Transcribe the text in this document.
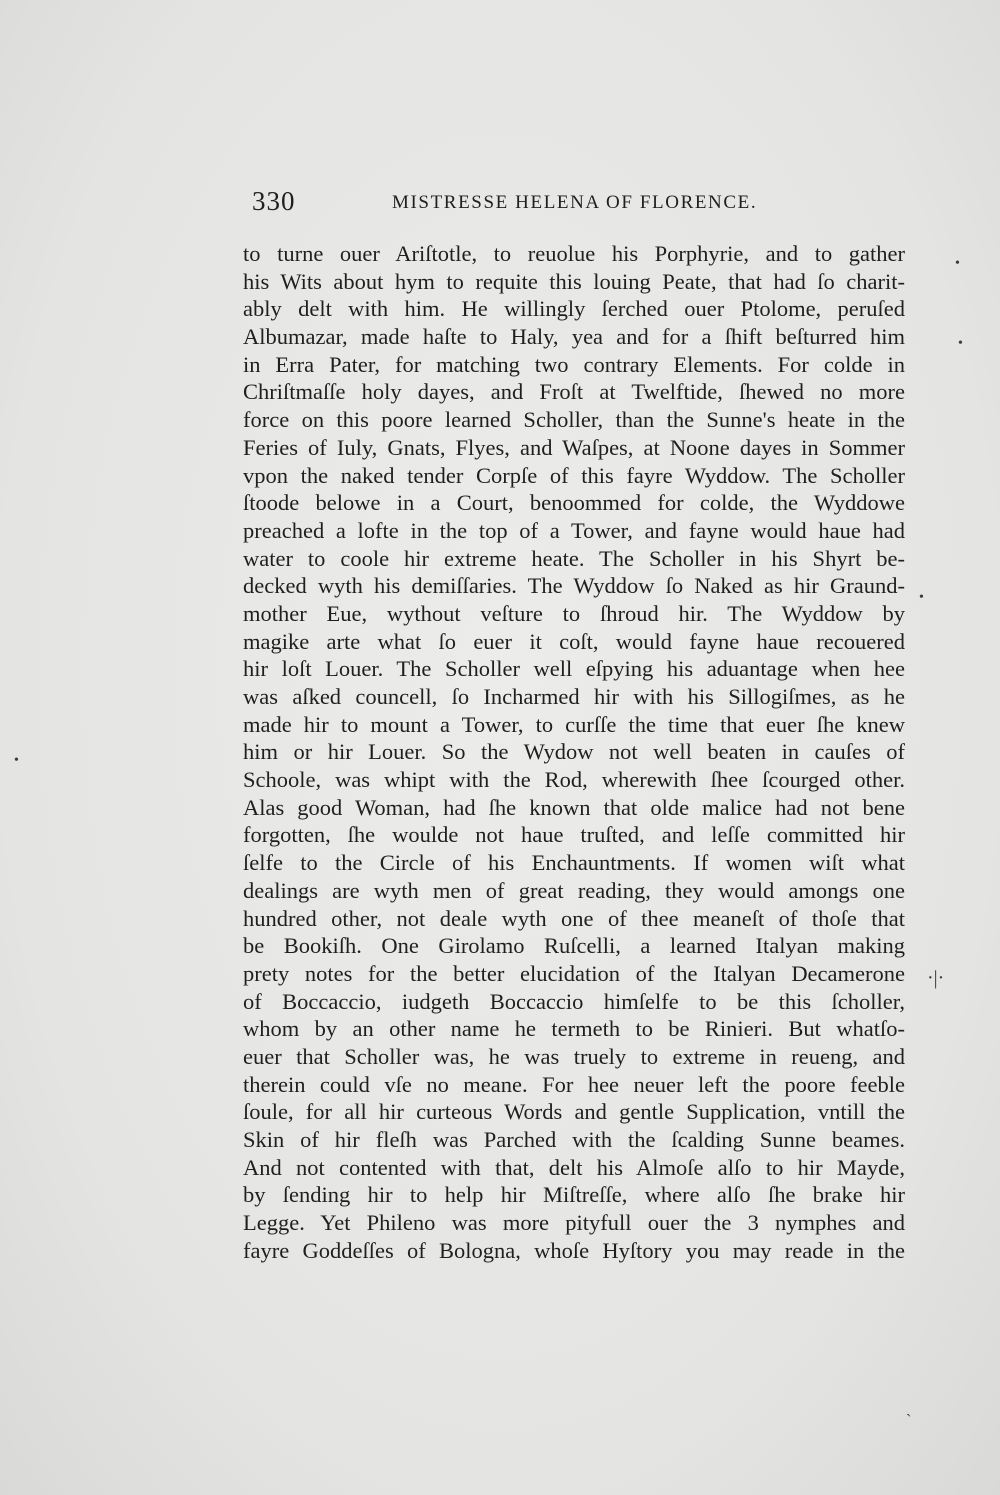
330	MISTRESSE HELENA OF FLORENCE.
to turne ouer Ariſtotle, to reuolue his Porphyrie, and to gather
his Wits about hym to requite this louing Peate, that had ſo charit-
ably delt with him. He willingly ſerched ouer Ptolome, peruſed
Albumazar, made haſte to Haly, yea and for a ſhift beſturred him
in Erra Pater, for matching two contrary Elements. For colde in
Chriſtmaſſe holy dayes, and Froſt at Twelftide, ſhewed no more
force on this poore learned Scholler, than the Sunne's heate in the
Feries of Iuly, Gnats, Flyes, and Waſpes, at Noone dayes in Sommer
vpon the naked tender Corpſe of this fayre Wyddow. The Scholler
ſtoode belowe in a Court, benoommed for colde, the Wyddowe
preached a lofte in the top of a Tower, and fayne would haue had
water to coole hir extreme heate. The Scholler in his Shyrt be-
decked wyth his demiſſaries. The Wyddow ſo Naked as hir Graund-
mother Eue, wythout veſture to ſhroud hir. The Wyddow by
magike arte what ſo euer it coſt, would fayne haue recouered
hir loſt Louer. The Scholler well eſpying his aduantage when hee
was aſked councell, ſo Incharmed hir with his Sillogiſmes, as he
made hir to mount a Tower, to curſſe the time that euer ſhe knew
him or hir Louer. So the Wydow not well beaten in cauſes of
Schoole, was whipt with the Rod, wherewith ſhee ſcourged other.
Alas good Woman, had ſhe known that olde malice had not bene
forgotten, ſhe woulde not haue truſted, and leſſe committed hir
ſelfe to the Circle of his Enchauntments. If women wiſt what
dealings are wyth men of great reading, they would amongs one
hundred other, not deale wyth one of thee meaneſt of thoſe that
be Bookiſh. One Girolamo Ruſcelli, a learned Italyan making
prety notes for the better elucidation of the Italyan Decamerone
of Boccaccio, iudgeth Boccaccio himſelfe to be this ſcholler,
whom by an other name he termeth to be Rinieri. But whatſo-
euer that Scholler was, he was truely to extreme in reueng, and
therein could vſe no meane. For hee neuer left the poore feeble
ſoule, for all hir curteous Words and gentle Supplication, vntill the
Skin of hir fleſh was Parched with the ſcalding Sunne beames.
And not contented with that, delt his Almoſe alſo to hir Mayde,
by ſending hir to help hir Miſtreſſe, where alſo ſhe brake hir
Legge. Yet Phileno was more pityfull ouer the 3 nymphes and
fayre Goddeſſes of Bologna, whoſe Hyſtory you may reade in the
•
•
•
•
·|·
ˏ
